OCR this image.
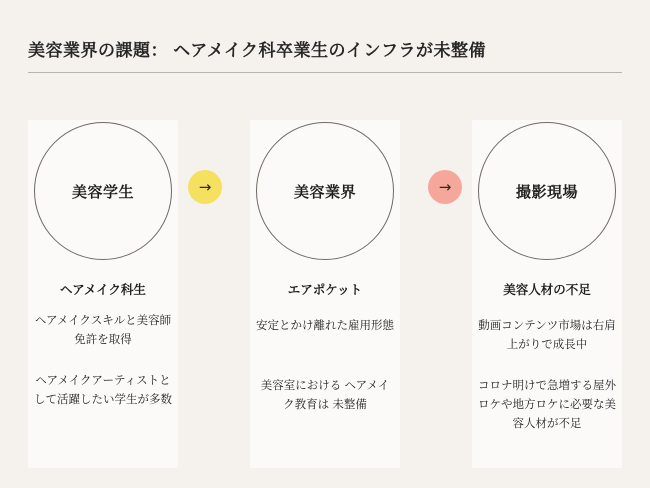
美容業界の課題： ヘアメイク科卒業生のインフラが未整備
美容学生
ヘアメイク科生
ヘアメイクスキルと美容師免許を取得
ヘアメイクアーティストとして活躍したい学生が多数
→	美容業界
エアポケット
安定とかけ離れた雇用形態
美容室における ヘアメイク教育は 未整備
→	撮影現場
美容人材の不足
動画コンテンツ市場は右肩上がりで成長中
コロナ明けで急増する屋外ロケや地方ロケに必要な美容人材が不足
